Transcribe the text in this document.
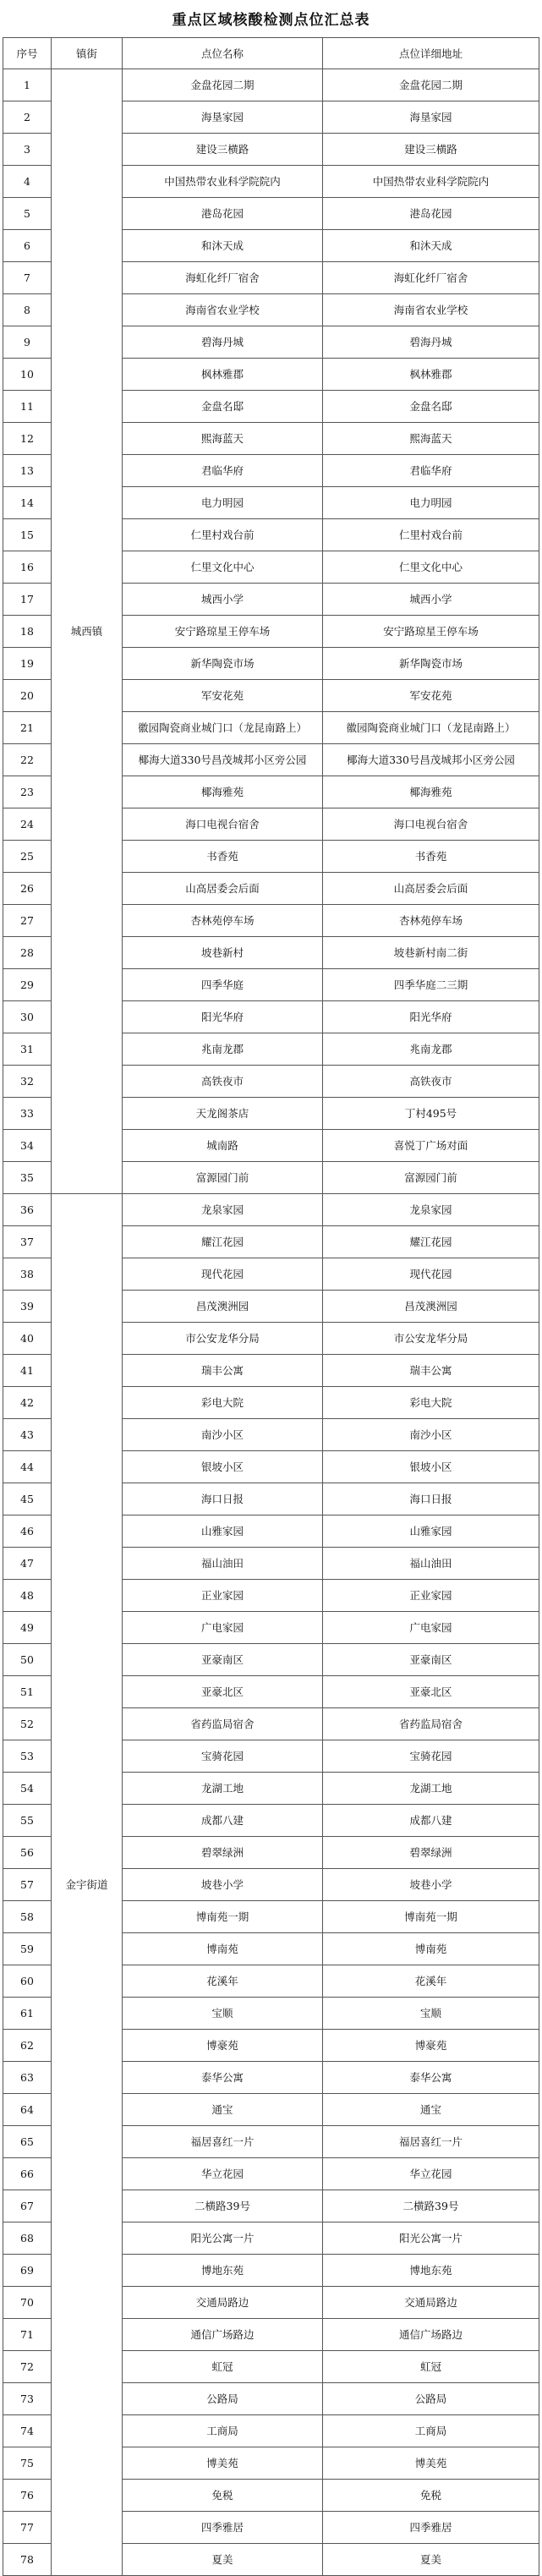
重点区域核酸检测点位汇总表
序号	镇街	点位名称	点位详细地址
1	城西镇	金盘花园二期	金盘花园二期
2		海垦家园	海垦家园
3		建设三横路	建设三横路
4		中国热带农业科学院院内	中国热带农业科学院院内
5		港岛花园	港岛花园
6		和沐天成	和沐天成
7		海虹化纤厂宿舍	海虹化纤厂宿舍
8		海南省农业学校	海南省农业学校
9		碧海丹城	碧海丹城
10		枫林雅郡	枫林雅郡
11		金盘名邸	金盘名邸
12		熙海蓝天	熙海蓝天
13		君临华府	君临华府
14		电力明园	电力明园
15		仁里村戏台前	仁里村戏台前
16		仁里文化中心	仁里文化中心
17		城西小学	城西小学
18		安宁路琼星王停车场	安宁路琼星王停车场
19		新华陶瓷市场	新华陶瓷市场
20		军安花苑	军安花苑
21		徽园陶瓷商业城门口（龙昆南路上）	徽园陶瓷商业城门口（龙昆南路上）
22		椰海大道330号昌茂城邦小区旁公园	椰海大道330号昌茂城邦小区旁公园
23		椰海雅苑	椰海雅苑
24		海口电视台宿舍	海口电视台宿舍
25		书香苑	书香苑
26		山高居委会后面	山高居委会后面
27		杏林苑停车场	杏林苑停车场
28		坡巷新村	坡巷新村南二街
29		四季华庭	四季华庭二三期
30		阳光华府	阳光华府
31		兆南龙郡	兆南龙郡
32		高铁夜市	高铁夜市
33		天龙阁茶店	丁村495号
34		城南路	喜悦丁广场对面
35		富源园门前	富源园门前
36	金宇街道	龙泉家园	龙泉家园
37		耀江花园	耀江花园
38		现代花园	现代花园
39		昌茂澳洲园	昌茂澳洲园
40		市公安龙华分局	市公安龙华分局
41		瑞丰公寓	瑞丰公寓
42		彩电大院	彩电大院
43		南沙小区	南沙小区
44		银坡小区	银坡小区
45		海口日报	海口日报
46		山雅家园	山雅家园
47		福山油田	福山油田
48		正业家园	正业家园
49		广电家园	广电家园
50		亚豪南区	亚豪南区
51		亚豪北区	亚豪北区
52		省药监局宿舍	省药监局宿舍
53		宝骑花园	宝骑花园
54		龙湖工地	龙湖工地
55		成都八建	成都八建
56		碧翠绿洲	碧翠绿洲
57		坡巷小学	坡巷小学
58		博南苑一期	博南苑一期
59		博南苑	博南苑
60		花溪年	花溪年
61		宝顺	宝顺
62		博豪苑	博豪苑
63		泰华公寓	泰华公寓
64		通宝	通宝
65		福居喜红一片	福居喜红一片
66		华立花园	华立花园
67		二横路39号	二横路39号
68		阳光公寓一片	阳光公寓一片
69		博地东苑	博地东苑
70		交通局路边	交通局路边
71		通信广场路边	通信广场路边
72		虹冠	虹冠
73		公路局	公路局
74		工商局	工商局
75		博美苑	博美苑
76		免税	免税
77		四季雅居	四季雅居
78		夏美	夏美
